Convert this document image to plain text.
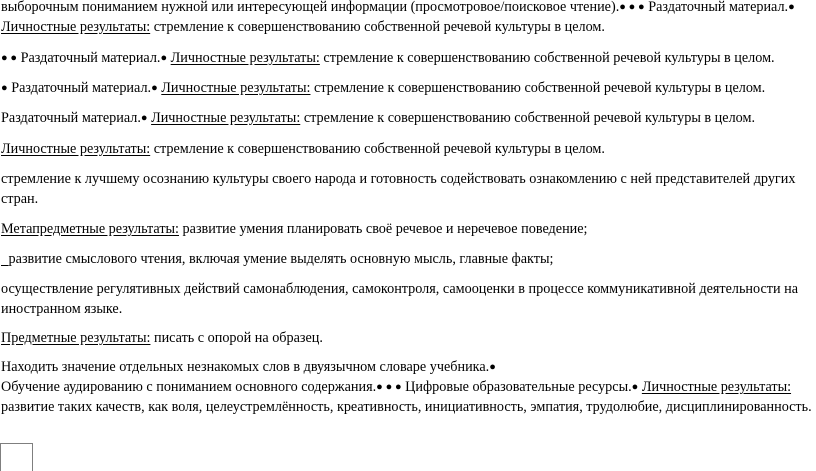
выборочным пониманием нужной или интересующей информации (просмотровое/поисковое чтение).● ● ● Раздаточный материал.● Личностные результаты: стремление к совершенствованию собственной речевой культуры в целом.

● ● Раздаточный материал.● Личностные результаты: стремление к совершенствованию собственной речевой культуры в целом.

● Раздаточный материал.● Личностные результаты: стремление к совершенствованию собственной речевой культуры в целом.

Раздаточный материал.● Личностные результаты: стремление к совершенствованию собственной речевой культуры в целом.

Личностные результаты: стремление к совершенствованию собственной речевой культуры в целом.

стремление к лучшему осознанию культуры своего народа и готовность содействовать ознакомлению с ней представителей других стран.

Метапредметные результаты: развитие умения планировать своё речевое и неречевое поведение;

развитие смыслового чтения, включая умение выделять основную мысль, главные факты;

осуществление регулятивных действий самонаблюдения, самоконтроля, самооценки в процессе коммуникативной деятельности на иностранном языке.

Предметные результаты: писать с опорой на образец.

Находить значение отдельных незнакомых слов в двуязычном словаре учебника.●
Обучение аудированию с пониманием основного содержания.● ● ● Цифровые образовательные ресурсы.● Личностные результаты: развитие таких качеств, как воля, целеустремлённость, креативность, инициативность, эмпатия, трудолюбие, дисциплинированность.
